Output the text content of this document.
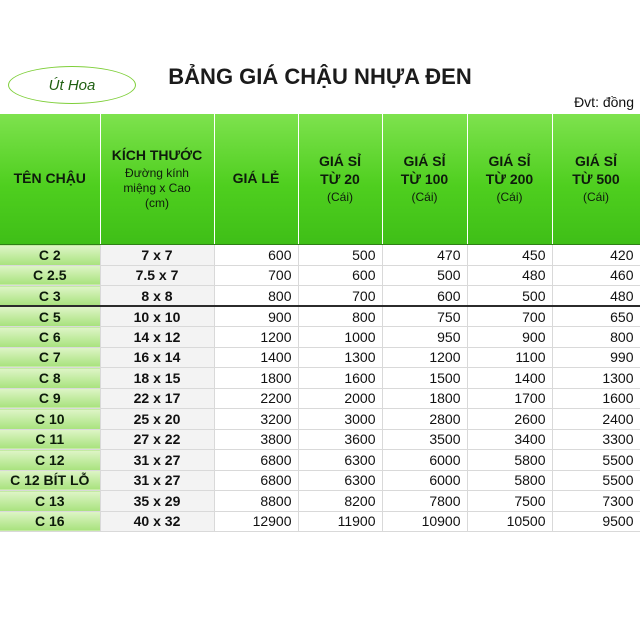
Út Hoa	BẢNG GIÁ CHẬU NHỰA ĐEN
Đvt: đồng
TÊN CHẬU	KÍCH THƯỚC
Đường kính
miệng x Cao
(cm)	GIÁ LẺ	GIÁ SỈ
TỪ 20
(Cái)	GIÁ SỈ
TỪ 100
(Cái)	GIÁ SỈ
TỪ 200
(Cái)	GIÁ SỈ
TỪ 500
(Cái)

C 2	7 x 7	600	500	470	450	420
C 2.5	7.5 x 7	700	600	500	480	460
C 3	8 x 8	800	700	600	500	480
C 5	10 x 10	900	800	750	700	650
C 6	14 x 12	1200	1000	950	900	800
C 7	16 x 14	1400	1300	1200	1100	990
C 8	18 x 15	1800	1600	1500	1400	1300
C 9	22 x 17	2200	2000	1800	1700	1600
C 10	25 x 20	3200	3000	2800	2600	2400
C 11	27 x 22	3800	3600	3500	3400	3300
C 12	31 x 27	6800	6300	6000	5800	5500
C 12 BÍT LỖ	31 x 27	6800	6300	6000	5800	5500
C 13	35 x 29	8800	8200	7800	7500	7300
C 16	40 x 32	12900	11900	10900	10500	9500
